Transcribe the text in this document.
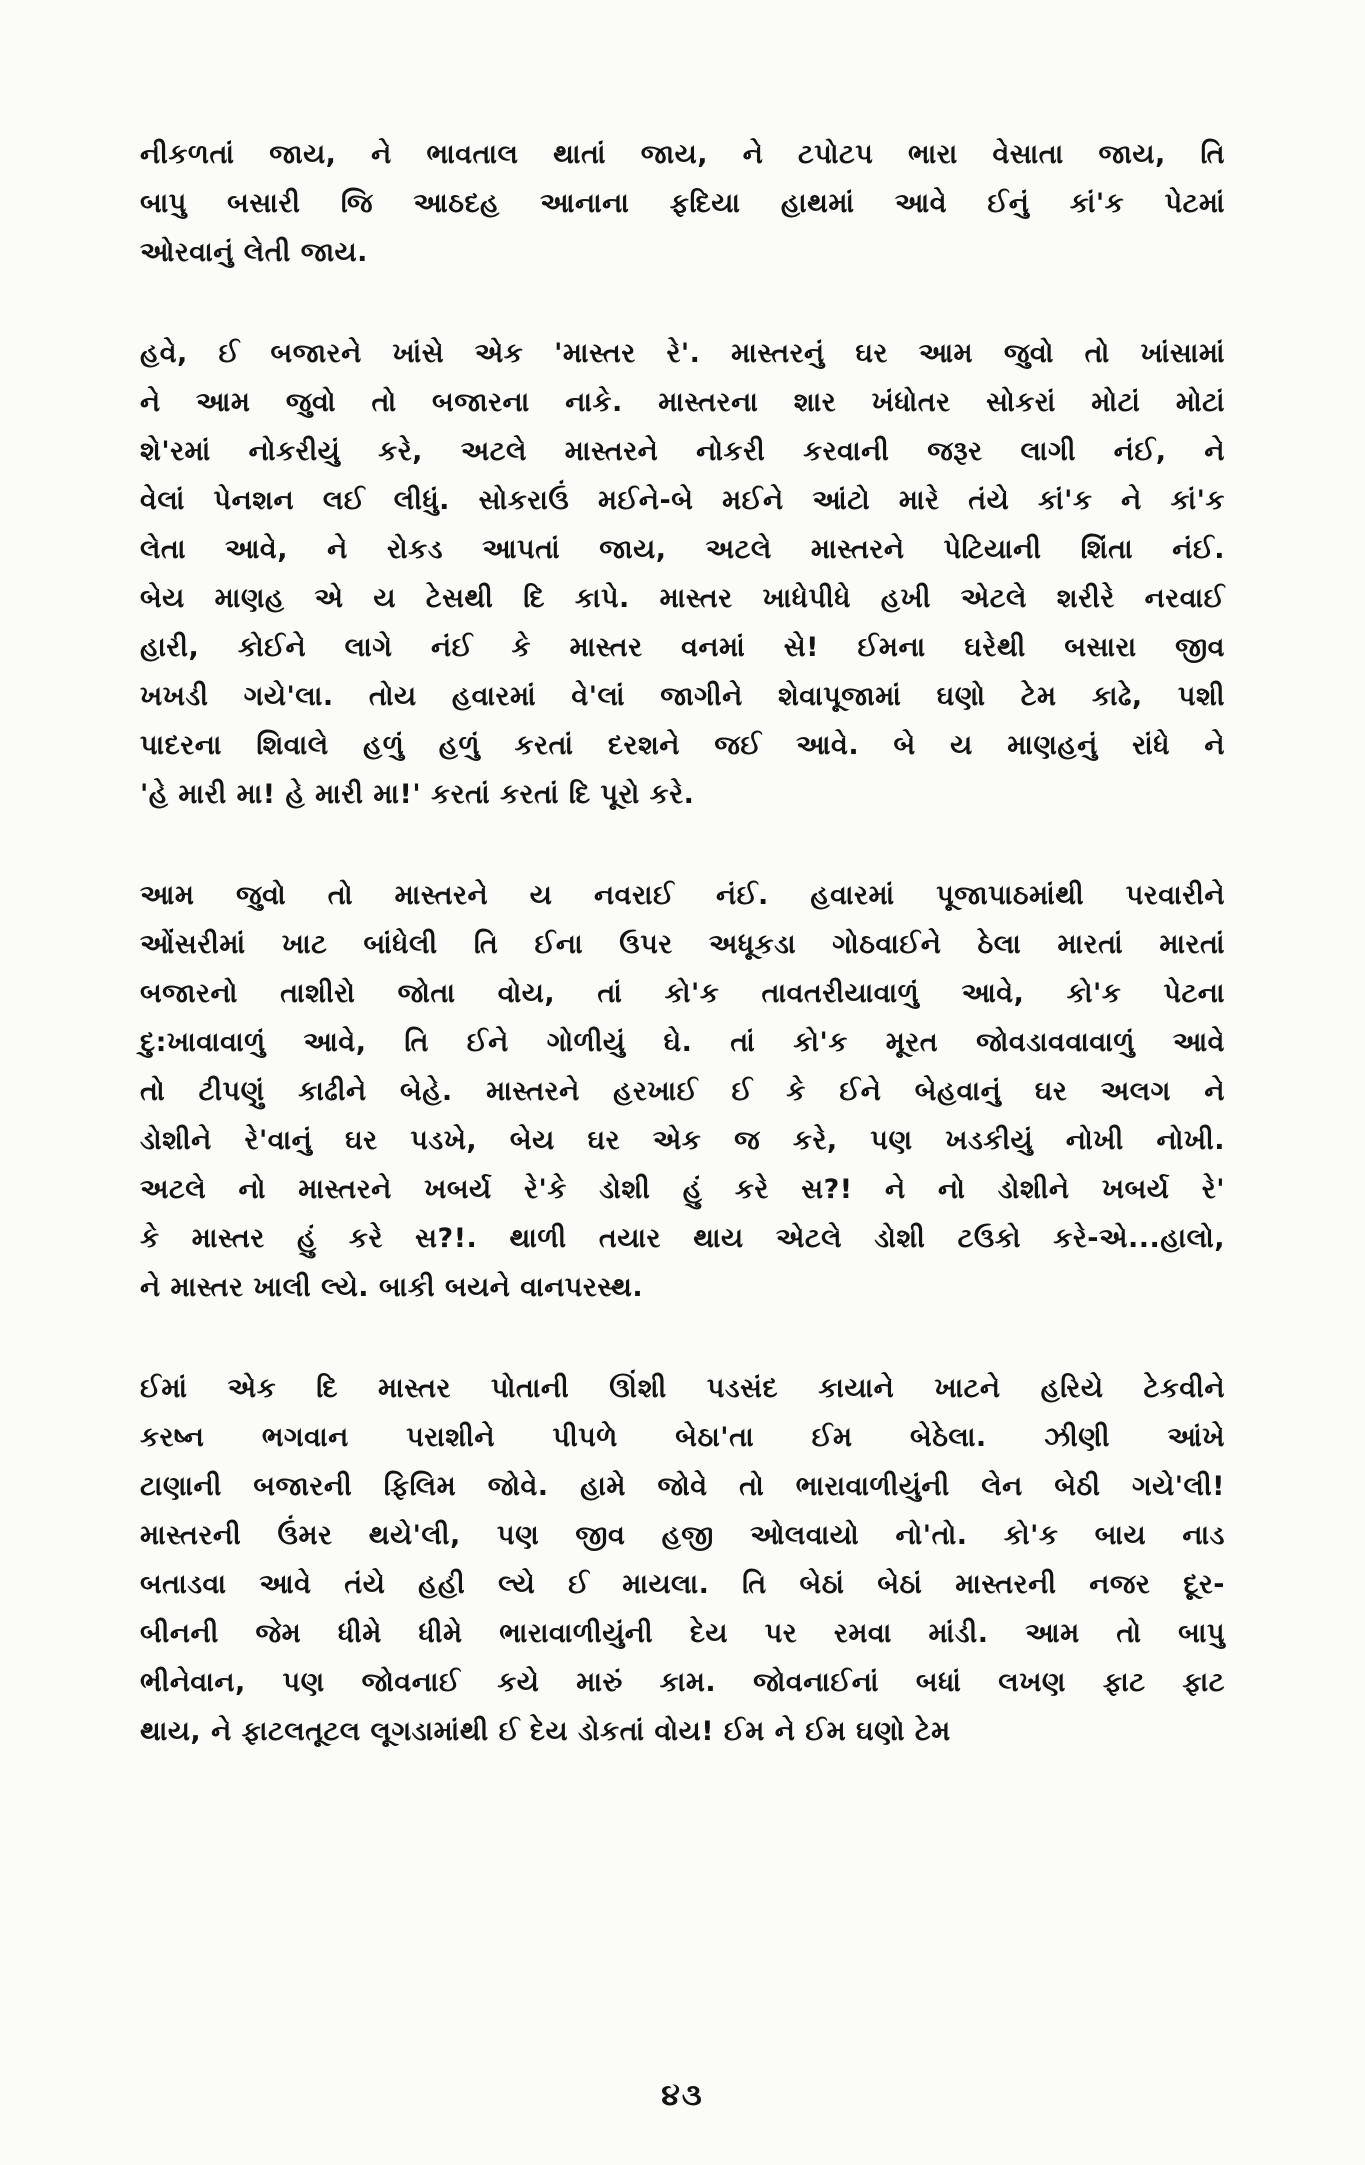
નીકળતાં જાય, ને ભાવતાલ થાતાં જાય, ને ટપોટપ ભારા વેસાતા જાય, તિ
બાપુ બસારી જિ આઠદહ આનાના ફદિયા હાથમાં આવે ઈનું કાં'ક પેટમાં
ઓરવાનું લેતી જાય.
હવે, ઈ બજારને ખાંસે એક 'માસ્તર રે'. માસ્તરનું ઘર આમ જુવો તો ખાંસામાં
ને આમ જુવો તો બજારના નાકે. માસ્તરના શાર ખંધોતર સોકરાં મોટાં મોટાં
શે'રમાં નોકરીયું કરે, અટલે માસ્તરને નોકરી કરવાની જરૂર લાગી નંઈ, ને
વેલાં પેનશન લઈ લીધું. સોકરાઉં મઈને-બે મઈને આંટો મારે તંયે કાં'ક ને કાં'ક
લેતા આવે, ને રોકડ આપતાં જાય, અટલે માસ્તરને પેટિયાની શિંતા નંઈ.
બેય માણહ એ ય ટેસથી દિ કાપે. માસ્તર ખાધેપીધે હખી એટલે શરીરે નરવાઈ
હારી, કોઈને લાગે નંઈ કે માસ્તર વનમાં સે! ઈમના ઘરેથી બસારા જીવ
ખખડી ગયે'લા. તોય હવારમાં વે'લાં જાગીને શેવાપૂજામાં ઘણો ટેમ કાઢે, પશી
પાદરના શિવાલે હળું હળું કરતાં દરશને જઈ આવે. બે ય માણહનું રાંધે ને
'હે મારી મા! હે મારી મા!' કરતાં કરતાં દિ પૂરો કરે.
આમ જુવો તો માસ્તરને ય નવરાઈ નંઈ. હવારમાં પૂજાપાઠમાંથી પરવારીને
ઓંસરીમાં ખાટ બાંધેલી તિ ઈના ઉપર અધૂકડા ગોઠવાઈને ઠેલા મારતાં મારતાં
બજારનો તાશીરો જોતા વોય, તાં કો'ક તાવતરીયાવાળું આવે, કો'ક પેટના
દુ:ખાવાવાળું આવે, તિ ઈને ગોળીયું ઘે. તાં કો'ક મૂરત જોવડાવવાવાળું આવે
તો ટીપણું કાઢીને બેહે. માસ્તરને હરખાઈ ઈ કે ઈને બેહવાનું ઘર અલગ ને
ડોશીને રે'વાનું ઘર પડખે, બેય ઘર એક જ કરે, પણ ખડકીયું નોખી નોખી.
અટલે નો માસ્તરને ખબર્ય રે'કે ડોશી હું કરે સ?! ને નો ડોશીને ખબર્ય રે'
કે માસ્તર હું કરે સ?!. થાળી તયાર થાય એટલે ડોશી ટઉકો કરે-એ...હાલો,
ને માસ્તર ખાલી લ્યે. બાકી બયને વાનપરસ્થ.
ઈમાં એક દિ માસ્તર પોતાની ઊંશી પડસંદ કાયાને ખાટને હરિયે ટેકવીને
કરષ્ન ભગવાન પરાશીને પીપળે બેઠા'તા ઈમ બેઠેલા. ઝીણી આંખે
ટાણાની બજારની ફિલિમ જોવે. હામે જોવે તો ભારાવાળીયુંની લેન બેઠી ગયે'લી!
માસ્તરની ઉંમર થયે'લી, પણ જીવ હજી ઓલવાયો નો'તો. કો'ક બાય નાડ
બતાડવા આવે તંયે હહી લ્યે ઈ માયલા. તિ બેઠાં બેઠાં માસ્તરની નજર દૂર-
બીનની જેમ ધીમે ધીમે ભારાવાળીયુંની દેય પર રમવા માંડી. આમ તો બાપુ
ભીનેવાન, પણ જોવનાઈ કયે મારું કામ. જોવનાઈનાં બધાં લખણ ફાટ ફાટ
થાય, ને ફાટલતૂટલ લૂગડામાંથી ઈ દેય ડોકતાં વોય! ઈમ ને ઈમ ઘણો ટેમ
૪૩
